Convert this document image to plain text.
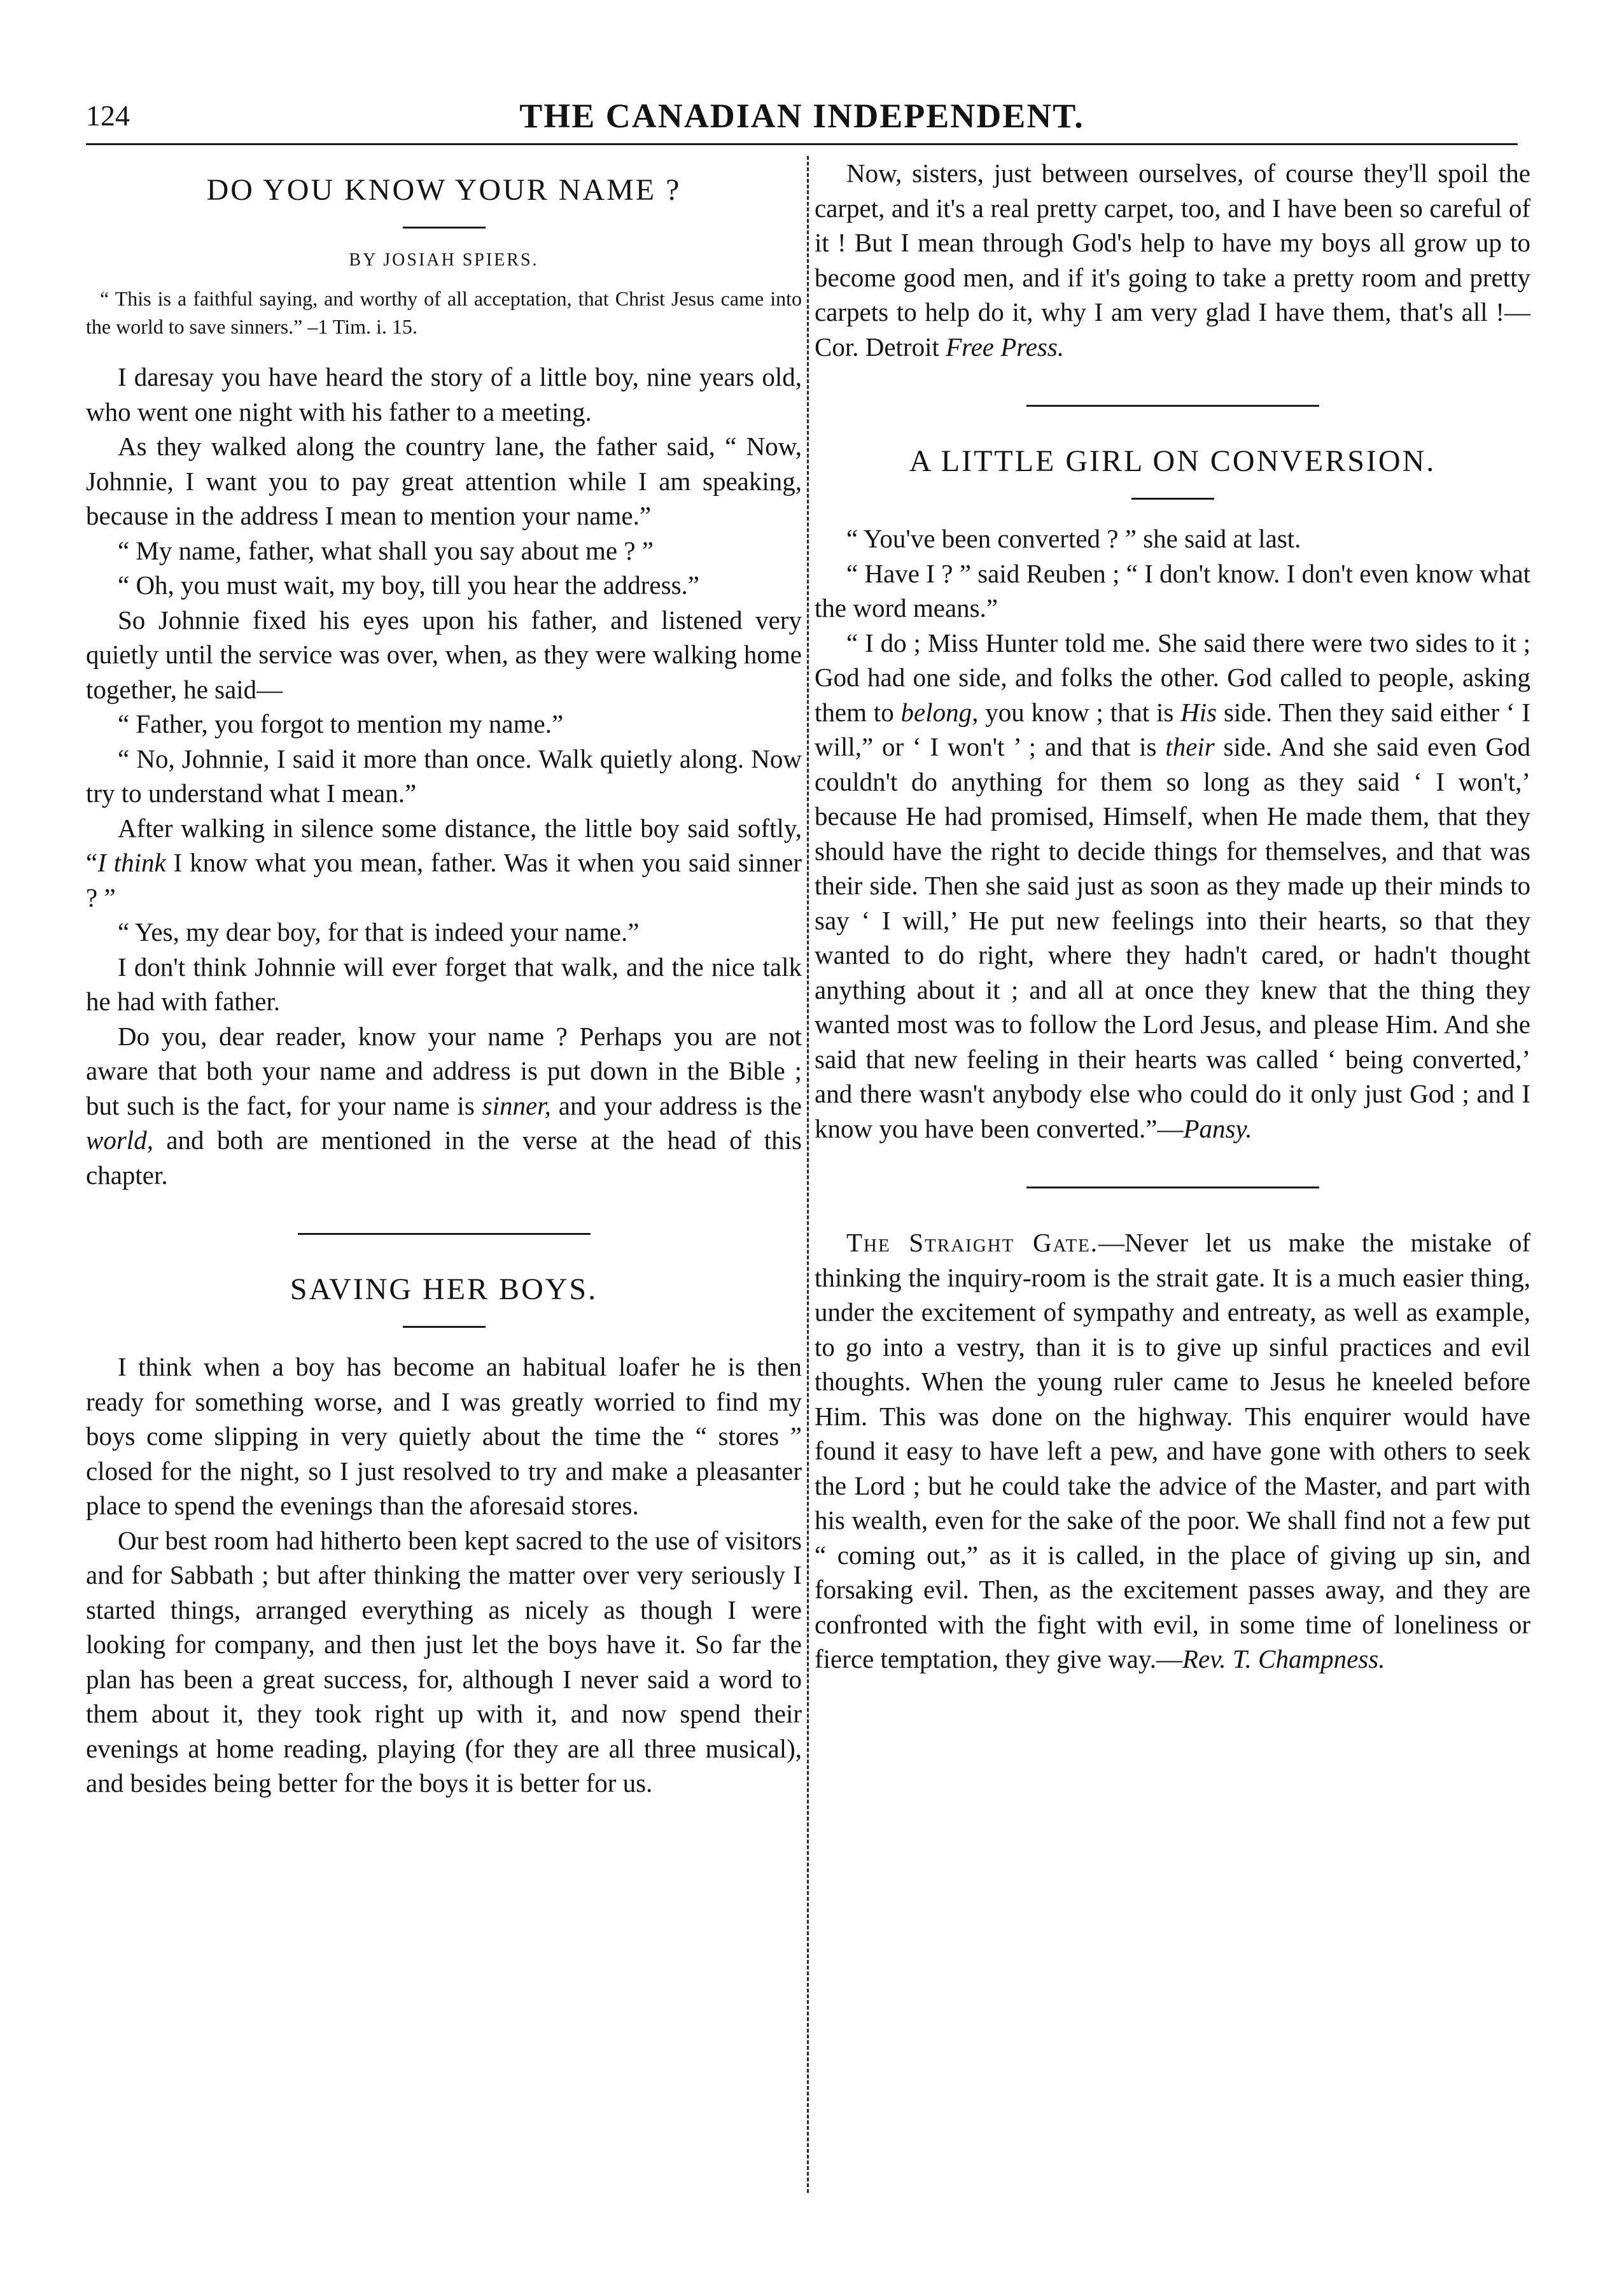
124	THE CANADIAN INDEPENDENT.
DO YOU KNOW YOUR NAME ?
BY JOSIAH SPIERS.
“ This is a faithful saying, and worthy of all acceptation, that Christ Jesus came into the world to save sinners.” –1 Tim. i. 15.

I daresay you have heard the story of a little boy, nine years old, who went one night with his father to a meeting.

As they walked along the country lane, the father said, “ Now, Johnnie, I want you to pay great attention while I am speaking, because in the address I mean to mention your name.”

“ My name, father, what shall you say about me ? ”

“ Oh, you must wait, my boy, till you hear the address.”

So Johnnie fixed his eyes upon his father, and listened very quietly until the service was over, when, as they were walking home together, he said—

“ Father, you forgot to mention my name.”

“ No, Johnnie, I said it more than once. Walk quietly along. Now try to understand what I mean.”

After walking in silence some distance, the little boy said softly, “I think I know what you mean, father. Was it when you said sinner ? ”

“ Yes, my dear boy, for that is indeed your name.”

I don't think Johnnie will ever forget that walk, and the nice talk he had with father.

Do you, dear reader, know your name ? Perhaps you are not aware that both your name and address is put down in the Bible ; but such is the fact, for your name is sinner, and your address is the world, and both are mentioned in the verse at the head of this chapter.

SAVING HER BOYS.

I think when a boy has become an habitual loafer he is then ready for something worse, and I was greatly worried to find my boys come slipping in very quietly about the time the “ stores ” closed for the night, so I just resolved to try and make a pleasanter place to spend the evenings than the aforesaid stores.

Our best room had hitherto been kept sacred to the use of visitors and for Sabbath ; but after thinking the matter over very seriously I started things, arranged everything as nicely as though I were looking for company, and then just let the boys have it. So far the plan has been a great success, for, although I never said a word to them about it, they took right up with it, and now spend their evenings at home reading, playing (for they are all three musical), and besides being better for the boys it is better for us.

Now, sisters, just between ourselves, of course they'll spoil the carpet, and it's a real pretty carpet, too, and I have been so careful of it ! But I mean through God's help to have my boys all grow up to become good men, and if it's going to take a pretty room and pretty carpets to help do it, why I am very glad I have them, that's all !—Cor. Detroit Free Press.

A LITTLE GIRL ON CONVERSION.

“ You've been converted ? ” she said at last.

“ Have I ? ” said Reuben ; “ I don't know. I don't even know what the word means.”

“ I do ; Miss Hunter told me. She said there were two sides to it ; God had one side, and folks the other. God called to people, asking them to belong, you know ; that is His side. Then they said either ‘ I will,” or ‘ I won't ’ ; and that is their side. And she said even God couldn't do anything for them so long as they said ‘ I won't,’ because He had promised, Himself, when He made them, that they should have the right to decide things for themselves, and that was their side. Then she said just as soon as they made up their minds to say ‘ I will,’ He put new feelings into their hearts, so that they wanted to do right, where they hadn't cared, or hadn't thought anything about it ; and all at once they knew that the thing they wanted most was to follow the Lord Jesus, and please Him. And she said that new feeling in their hearts was called ‘ being converted,’ and there wasn't anybody else who could do it only just God ; and I know you have been converted.”—Pansy.

The Straight Gate.—Never let us make the mistake of thinking the inquiry-room is the strait gate. It is a much easier thing, under the excitement of sympathy and entreaty, as well as example, to go into a vestry, than it is to give up sinful practices and evil thoughts. When the young ruler came to Jesus he kneeled before Him. This was done on the highway. This enquirer would have found it easy to have left a pew, and have gone with others to seek the Lord ; but he could take the advice of the Master, and part with his wealth, even for the sake of the poor. We shall find not a few put “ coming out,” as it is called, in the place of giving up sin, and forsaking evil. Then, as the excitement passes away, and they are confronted with the fight with evil, in some time of loneliness or fierce temptation, they give way.—Rev. T. Champness.
